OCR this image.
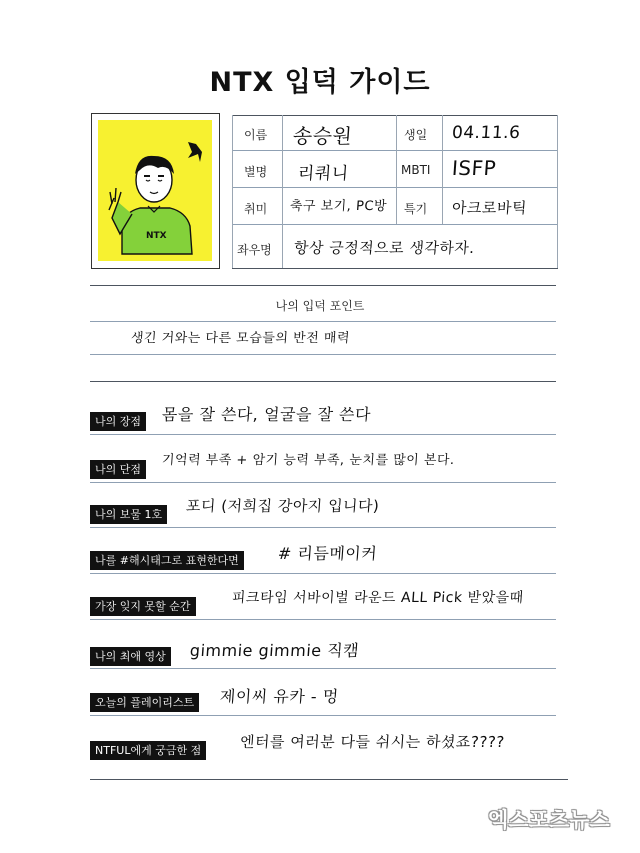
NTX 입덕 가이드
NTX
이름 송승원	생일 04.11.6
별명 리쿼니	MBTI ISFP
취미 축구 보기, PC방 특기 아크로바틱
좌우명 항상 긍정적으로 생각하자.
나의 입덕 포인트
생긴 거와는 다른 모습들의 반전 매력
나의 장점	몸을 잘 쓴다, 얼굴을 잘 쓴다
나의 단점
기억력 부족 + 암기 능력 부족, 눈치를 많이 본다.
나의 보물 1호	포디 (저희집 강아지 입니다)
나를 #해시태그로 표현한다면	# 리듬메이커
가장 잊지 못할 순간
피크타임 서바이벌 라운드 ALL Pick 받았을때
나의 최애 영상	gimmie gimmie 직캠
오늘의 플레이리스트	제이씨 유카 - 멍
NTFUL에게 궁금한 점	엔터를 여러분 다들 쉬시는 하셨죠????
엑스포츠뉴스
